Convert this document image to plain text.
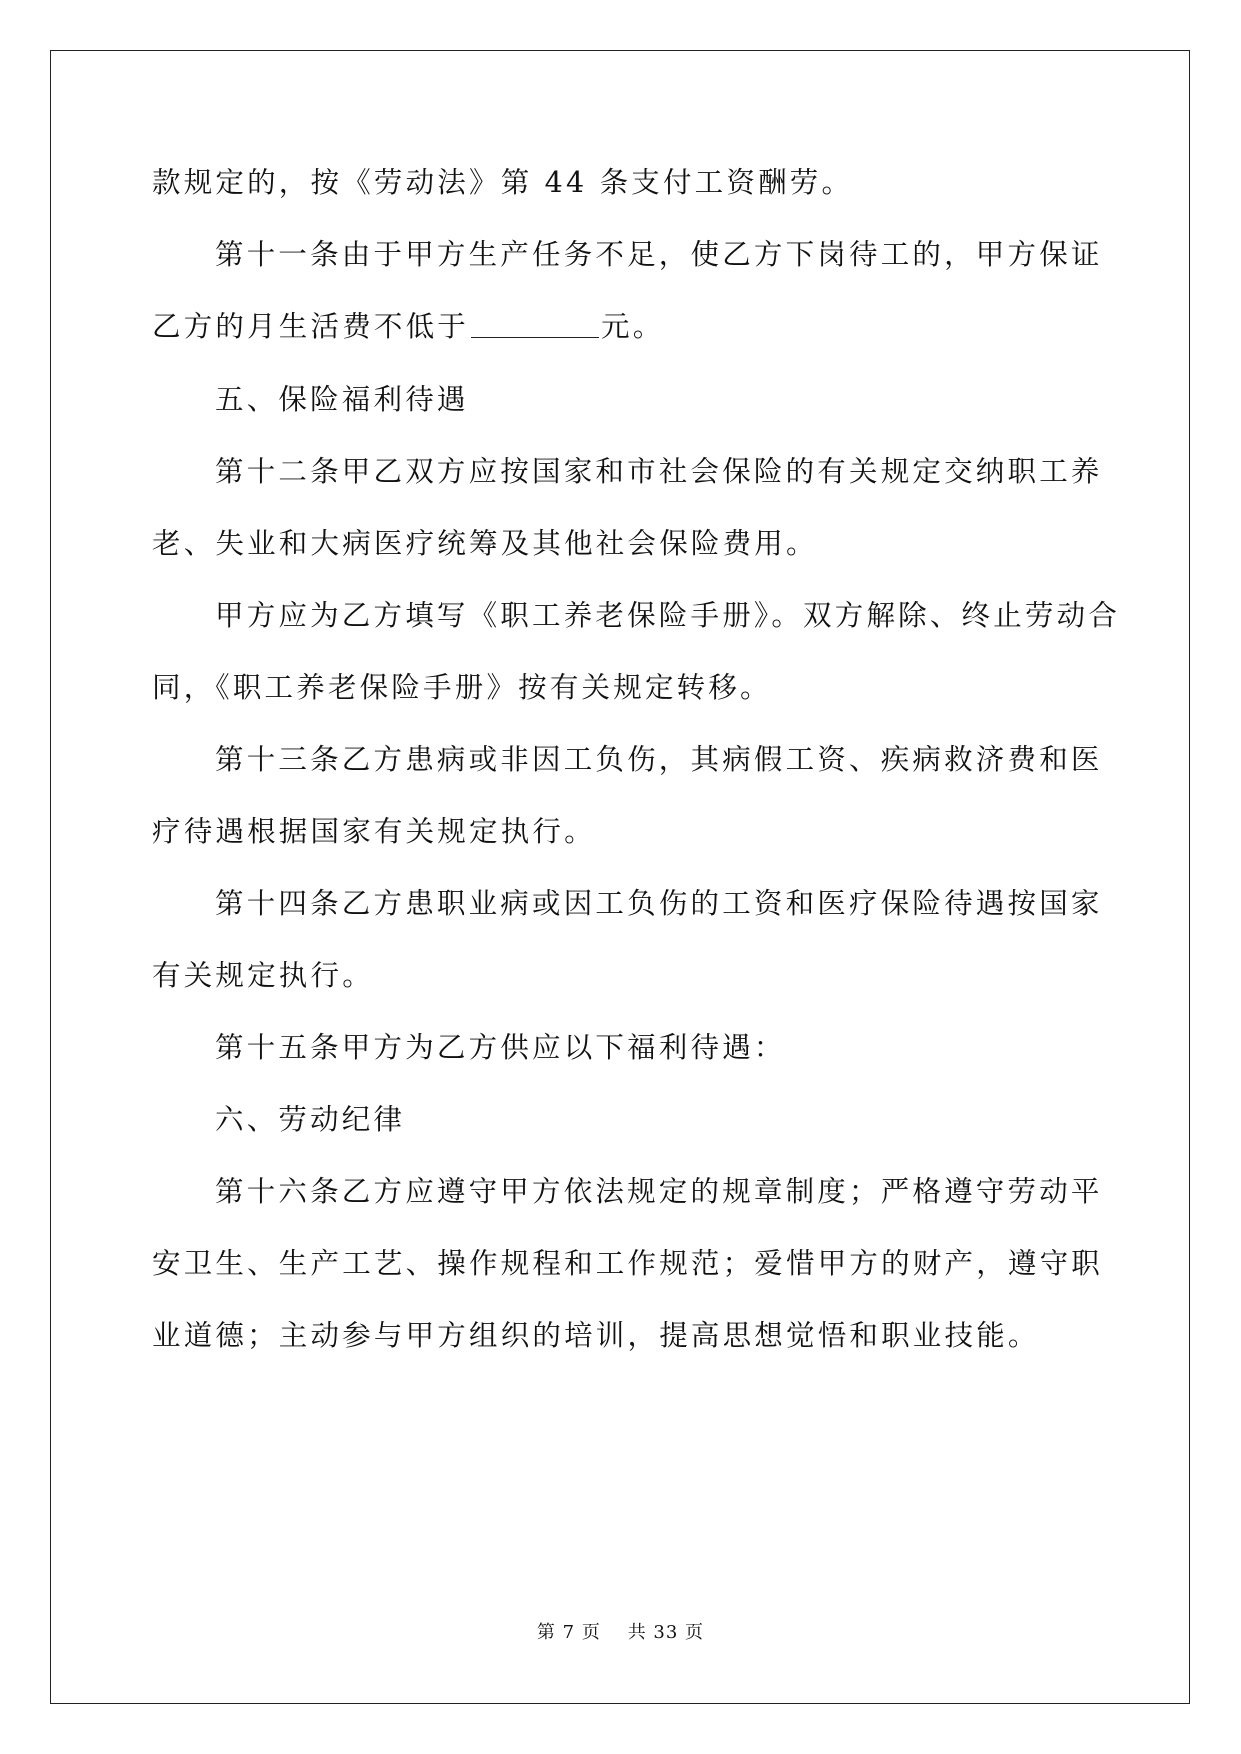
款规定的，按《劳动法》第 44 条支付工资酬劳。
第十一条由于甲方生产任务不足，使乙方下岗待工的，甲方保证
乙方的月生活费不低于	元。
五、保险福利待遇
第十二条甲乙双方应按国家和市社会保险的有关规定交纳职工养
老、失业和大病医疗统筹及其他社会保险费用。
甲方应为乙方填写《职工养老保险手册》。双方解除、终止劳动合
同，《职工养老保险手册》按有关规定转移。
第十三条乙方患病或非因工负伤，其病假工资、疾病救济费和医
疗待遇根据国家有关规定执行。
第十四条乙方患职业病或因工负伤的工资和医疗保险待遇按国家
有关规定执行。
第十五条甲方为乙方供应以下福利待遇：
六、劳动纪律
第十六条乙方应遵守甲方依法规定的规章制度；严格遵守劳动平
安卫生、生产工艺、操作规程和工作规范；爱惜甲方的财产，遵守职
业道德；主动参与甲方组织的培训，提高思想觉悟和职业技能。
第 7 页    共 33 页
